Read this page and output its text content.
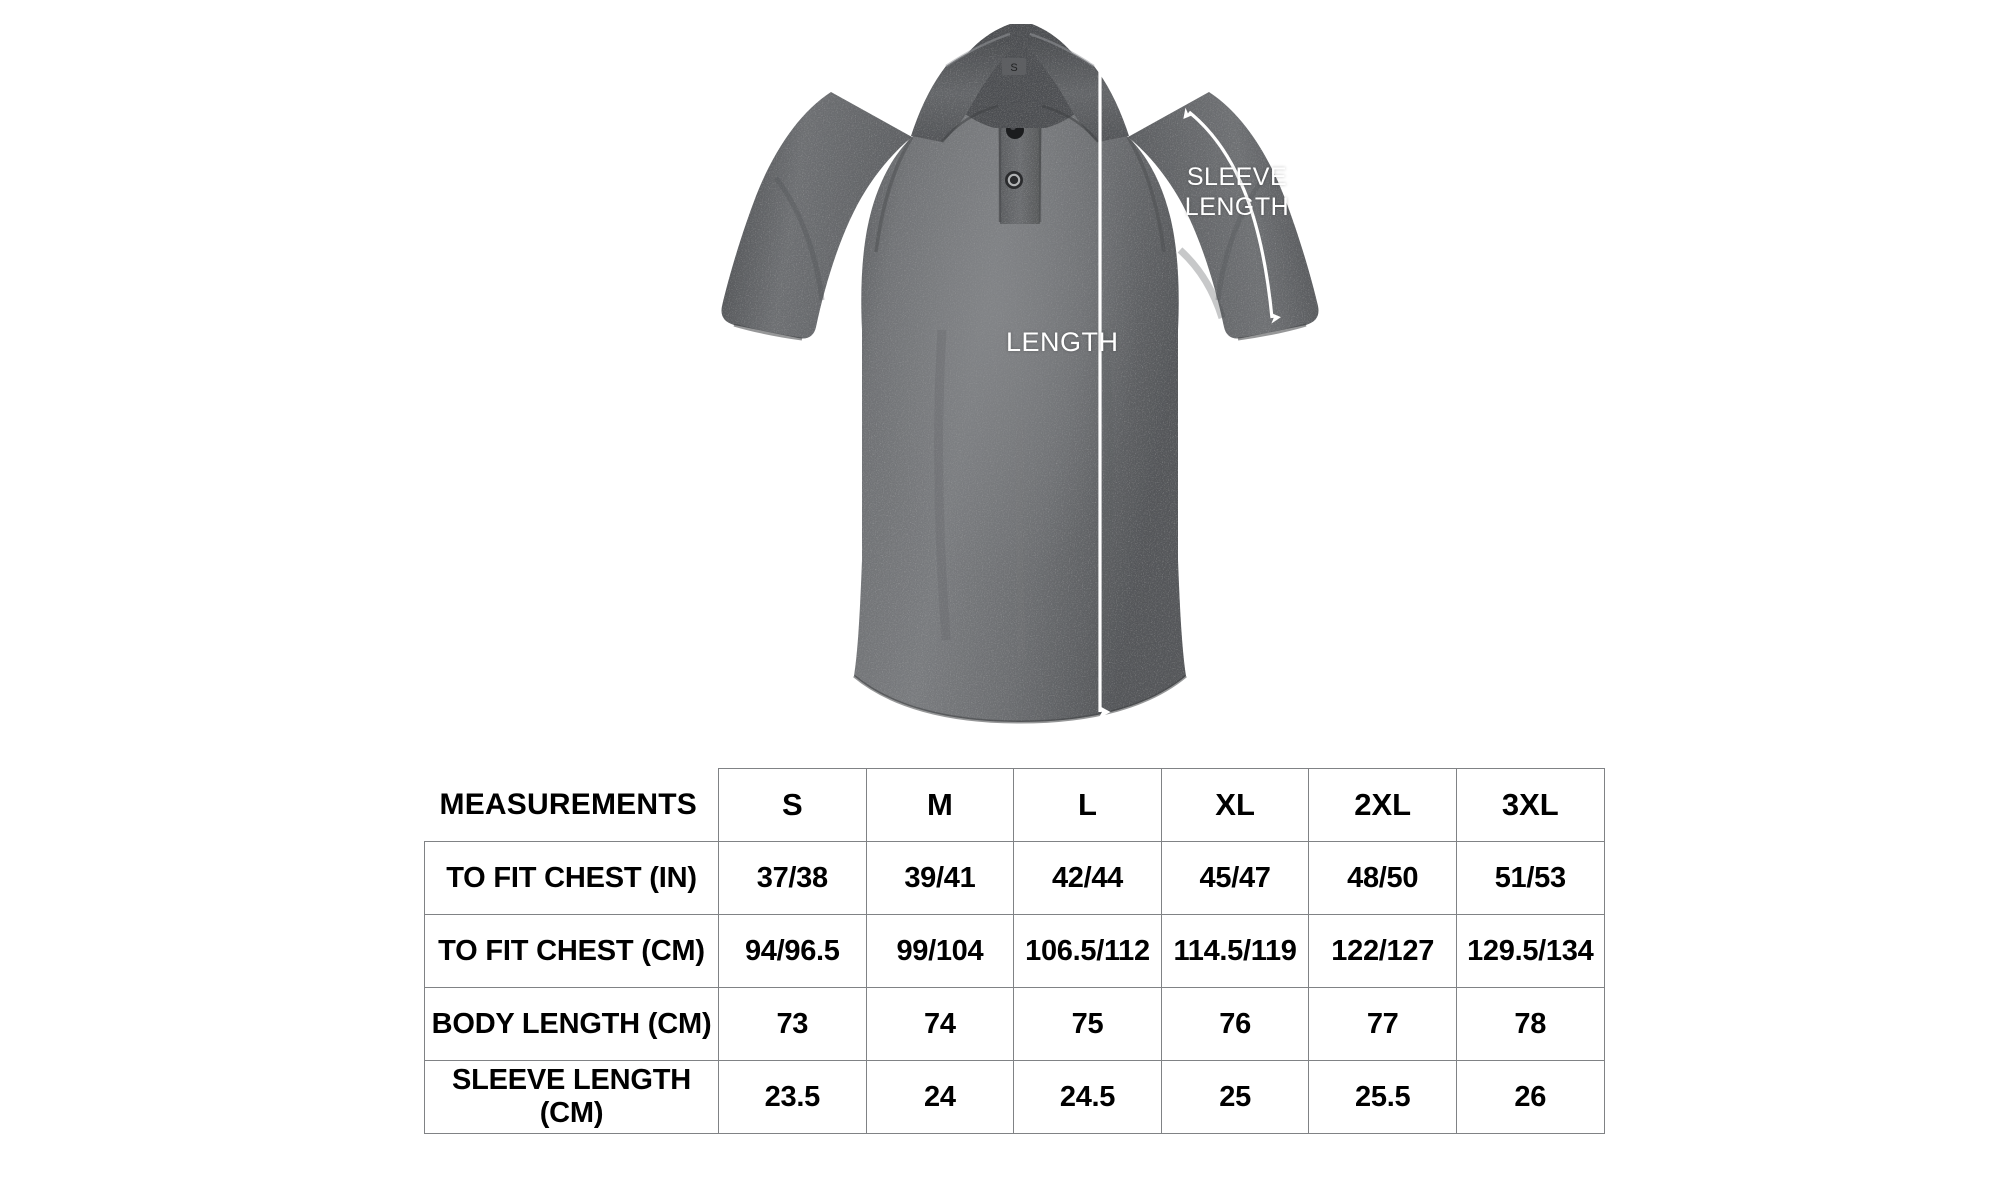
S
SLEEVE
LENGTH
LENGTH
MEASUREMENTS	S	M	L	XL	2XL	3XL
TO FIT CHEST (IN)	37/38	39/41	42/44	45/47	48/50	51/53
TO FIT CHEST (CM)	94/96.5	99/104	106.5/112	114.5/119	122/127	129.5/134
BODY LENGTH (CM)	73	74	75	76	77	78
SLEEVE LENGTH (CM)	23.5	24	24.5	25	25.5	26
